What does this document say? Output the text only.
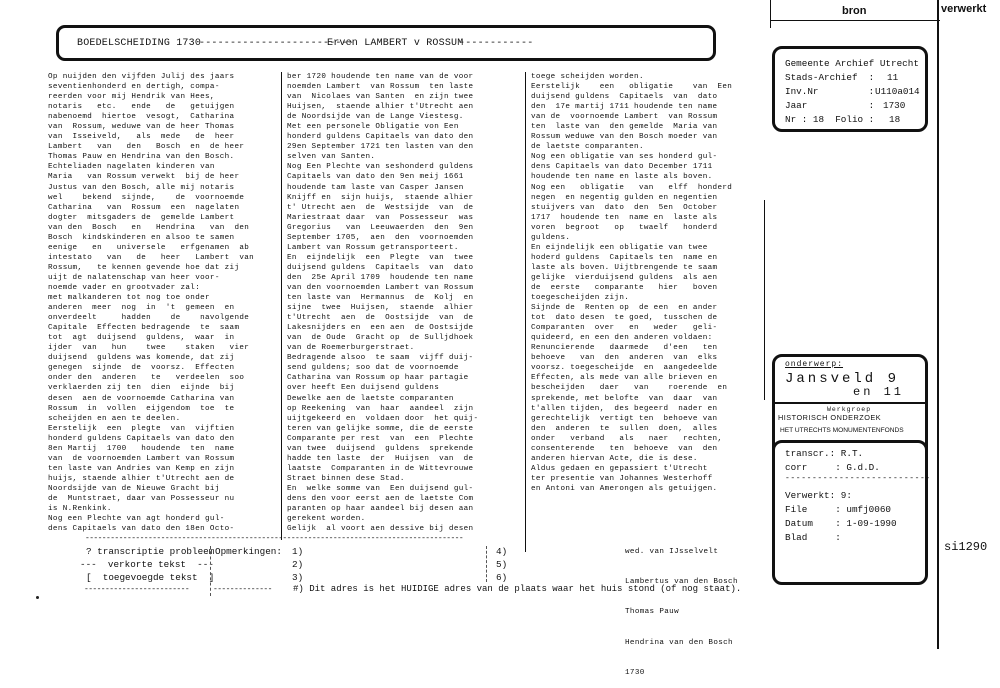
BOEDELSCHEIDING 1730
-------------------------
Erven LAMBERT v ROSSUM
------------
Op nuijden den vijfden Julij des jaars
seventienhonderd en dertigh, compa-
reerden voor mij Hendrik van Hees,
notaris   etc.   ende   de   getuijgen
nabenoemd  hiertoe  vesogt,  Catharina
van  Rossum, weduwe van de heer Thomas
van  Isseiveld,   als  mede   de  heer
Lambert   van   den   Bosch  en  de heer
Thomas Pauw en Hendrina van den Bosch.
Echteliaden nagelaten kinderen van
Maria   van Rossum verwekt  bij de heer
Justus van den Bosch, alle mij notaris
wel    bekend  sijnde,    de  voornoemde
Catharina   van  Rossum  een  nagelaten
dogter  mitsgaders de  gemelde Lambert
van den  Bosch   en   Hendrina   van  den
Bosch  kindskinderen en alsoo te samen
eenige   en   universele   erfgenamen  ab
intestato   van   de   heer   Lambert  van
Rossum,   te kennen gevende hoe dat zij
uijt de nalatenschap van heer voor-
noemde vader en grootvader zal:
met malkanderen tot nog toe onder
anderen  meer  nog  in  't  gemeen  en
onverdeelt     hadden    de    navolgende
Capitale  Effecten bedragende  te  saam
tot  agt  duijsend  guldens,  waar  in
ijder  van   hun    twee    staken   vier
duijsend  guldens was komende, dat zij
genegen  sijnde  de  voorsz.  Effecten
onder den  anderen   te   verdeelen  soo
verklaerden zij ten  dien  eijnde  bij
desen  aen de voornoemde Catharina van
Rossum  in  vollen  eijgendom  toe  te
scheijden en aen te deelen.
Eerstelijk  een  plegte  van  vijftien
honderd guldens Capitaels van dato den
8en Martij  1700   houdende  ten  name
van  de voornoemden Lambert van Rossum
ten laste van Andries van Kemp en zijn
huijs, staende alhier t'Utrecht aen de
Noordsijde van de Nieuwe Gracht bij
de  Muntstraet, daar van Possesseur nu
is N.Renkink.
Nog een Plechte van agt honderd gul-
dens Capitaels van dato den 18en Octo-
ber 1720 houdende ten name van de voor
noemden Lambert  van Rossum  ten laste
van  Nicolaes van Santen  en zijn twee
Huijsen,  staende alhier t'Utrecht aen
de Noordsijde van de Lange Viestesg.
Met een personele Obligatie von Een
honderd guldens Capitaels van dato den
29en September 1721 ten lasten van den
selven van Santen.
Nog Een Plechte van seshonderd guldens
Capitaels van dato den 9en meij 1661
houdende tam laste van Casper Jansen
Knijff en  sijn huijs,  staende alhier
t' Utrecht aen  de  Westsijde  van  de
Mariestraat daar  van  Possesseur  was
Gregorius   van  Leeuwaerden  den  9en
September 1705,  aen  den  voornoemden
Lambert van Rossum getransporteert.
En  eijndelijk  een  Plegte  van  twee
duijsend guldens  Capitaels  van  dato
den  25e April 1709  houdende ten name
van den voornoemden Lambert van Rossum
ten laste van  Hermannus  de  Kolj  en
sijne  twee  Huijsen,  staende  alhier
t'Utrecht  aen  de  Oostsijde  van  de
Lakesnijders en  een aen  de Oostsijde
van  de Oude  Gracht op  de Sulljdhoek
van de Roemerburgerstraet.
Bedragende alsoo  te saam  vijff duij-
send guldens; soo dat de voornoemde
Catharina van Rossum op haar partagie
over heeft Een duijsend guldens
Dewelke aen de laetste comparanten
op Reekening  van  haar  aandeel  zijn
uijtgekeerd en  voldaen door  het quij-
teren van gelijke somme, die de eerste
Comparante per rest  van  een  Plechte
van twee  duijsend  guldens  sprekende
hadde ten laste  der  Huijsen  van  de
laatste  Comparanten in de Wittevrouwe
Straet binnen dese Stad.
En  welke somme van  Een duijsend gul-
dens den voor eerst aen de laetste Com
paranten op haar aandeel bij desen aan
gerekent worden.
Gelijk  al voort aen dessive bij desen
toege scheijden worden.
Eerstelijk    een   obligatie    van  Een
duijsend guldens  Capitaels  van  dato
den  17e martij 1711 houdende ten name
van de  voornoemde Lambert  van Rossum
ten  laste van  den gemelde  Maria van
Rossum weduwe van den Bosch moeder van
de laetste comparanten.
Nog een obligatie van ses honderd gul-
dens Capitaels van dato December 1711
houdende ten name en laste als boven.
Nog een   obligatie   van   elff  honderd
negen  en negentig gulden en negentien
stuijvers van  dato  den  5en  October
1717  houdende ten  name en  laste als
voren  begroot   op   twaelf   honderd
guldens.
En eijndelijk een obligatie van twee
hoderd guldens  Capitaels ten  name en
laste als boven. Uijtbrengende te saam
gelijke  vierduijsend guldens  als aen
de  eerste   comparante   hier   boven
toegescheijden zijn.
Sijnde de  Renten op  de een  en ander
tot  dato desen  te goed,  tusschen de
Comparanten  over   en   weder   geli-
quideerd, en een den anderen voldaen:
Renuncierende   daarmede   d'een   ten
behoeve   van  den  anderen  van  elks
voorsz. toegescheijde  en  aangedeelde
Effecten, als mede van alle brieven en
bescheijden   daer   van    roerende  en
sprekende, met belofte  van  daar  van
t'allen tijden,  des begeerd  nader en
gerechtelijk  vertigt ten  behoeve van
den  anderen  te  sullen  doen,  alles
onder   verband   als   naer   rechten,
consenterende   ten  behoeve  van  den
anderen hiervan Acte, die is dese.
Aldus gedaen en gepassiert t'Utrecht
ter presentie van Johannes Westerhoff
en Antoni van Amerongen als getuijgen.

wed. van IJsselvelt

Lambertus van den Bosch

Thomas Pauw

Hendrina van den Bosch

1730

------------------------------------------------------------------------------------------
? transcriptie probleem
---  verkorte tekst  ---
[  toegevoegde tekst  ]
-------------------------
Opmerkingen: 1)
2)
3)
4)
5)
6)
-------------- #) Dit adres is het HUIDIGE adres van de plaats waar het huis stond (of nog staat).
bron	verwerkt
Gemeente Archief Utrecht
Stads-Archief  : 11
Inv.Nr         : U110a014
Jaar           : 1730
Nr : 18  Folio : 18
onderwerp:
Jansveld 9
en 11
Werkgroep
HISTORISCH ONDERZOEK
HET UTRECHTS MONUMENTENFONDS
transcr.: R.T.
corr     : G.d.D.
---------------------------
Verwerkt: 9:
File     : umfj0060
Datum    : 1-09-1990
Blad     :
si1290
